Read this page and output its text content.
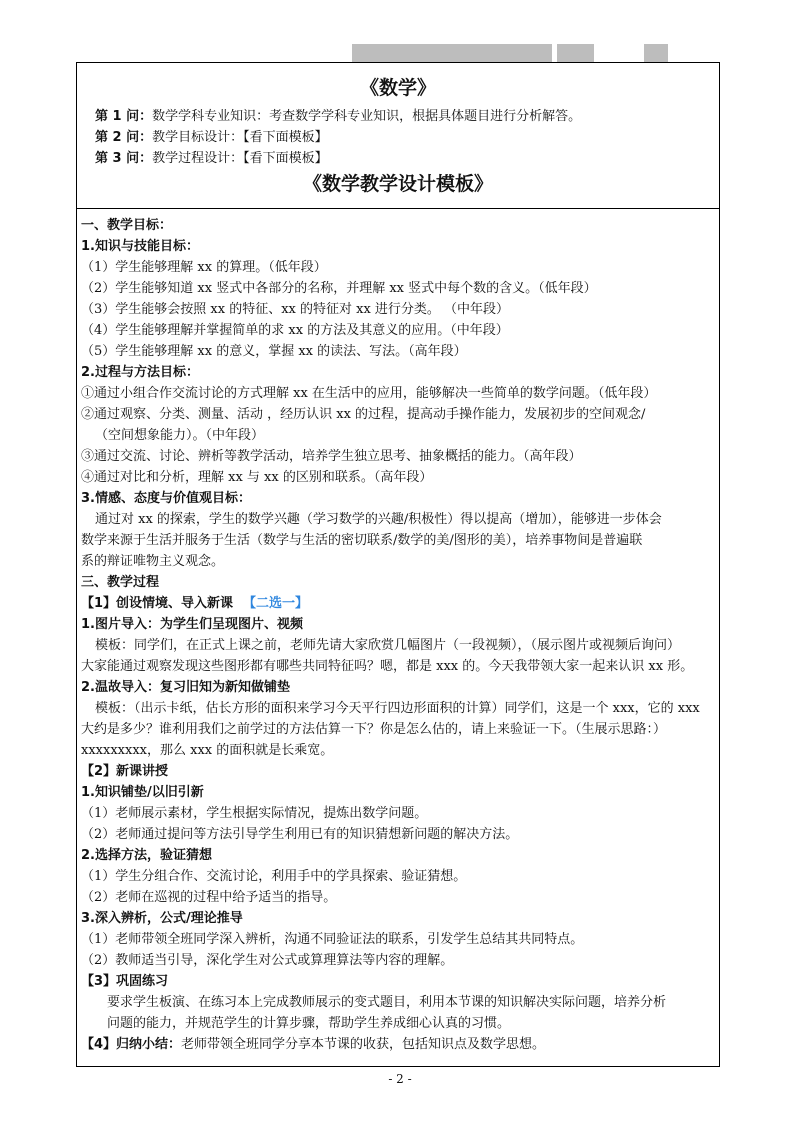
《数学》
第 1 问：数学学科专业知识：考查数学学科专业知识，根据具体题目进行分析解答。
第 2 问：教学目标设计：【看下面模板】
第 3 问：教学过程设计：【看下面模板】
《数学教学设计模板》
一、教学目标：
1.知识与技能目标：
（1）学生能够理解 xx 的算理。（低年段）
（2）学生能够知道 xx 竖式中各部分的名称，并理解 xx 竖式中每个数的含义。（低年段）
（3）学生能够会按照 xx 的特征、xx 的特征对 xx 进行分类。 （中年段）
（4）学生能够理解并掌握简单的求 xx 的方法及其意义的应用。（中年段）
（5）学生能够理解 xx 的意义，掌握 xx 的读法、写法。（高年段）
2.过程与方法目标：
①通过小组合作交流讨论的方式理解 xx 在生活中的应用，能够解决一些简单的数学问题。（低年段）
②通过观察、分类、测量、活动 ，经历认识 xx 的过程，提高动手操作能力，发展初步的空间观念/
（空间想象能力）。（中年段）
③通过交流、讨论、辨析等教学活动，培养学生独立思考、抽象概括的能力。（高年段）
④通过对比和分析，理解 xx 与 xx 的区别和联系。（高年段）
3.情感、态度与价值观目标：
通过对 xx 的探索，学生的数学兴趣（学习数学的兴趣/积极性）得以提高（增加），能够进一步体会
数学来源于生活并服务于生活（数学与生活的密切联系/数学的美/图形的美），培养事物间是普遍联
系的辩证唯物主义观念。
三、教学过程
【1】创设情境、导入新课 【二选一】
1.图片导入：为学生们呈现图片、视频
模板：同学们，在正式上课之前，老师先请大家欣赏几幅图片（一段视频），（展示图片或视频后询问）
大家能通过观察发现这些图形都有哪些共同特征吗？嗯，都是 xxx 的。今天我带领大家一起来认识 xx 形。
2.温故导入：复习旧知为新知做铺垫
模板：（出示卡纸，估长方形的面积来学习今天平行四边形面积的计算）同学们，这是一个 xxx，它的 xxx
大约是多少？谁利用我们之前学过的方法估算一下？你是怎么估的，请上来验证一下。（生展示思路：）
xxxxxxxxx，那么 xxx 的面积就是长乘宽。
【2】新课讲授
1.知识铺垫/以旧引新
（1）老师展示素材，学生根据实际情况，提炼出数学问题。
（2）老师通过提问等方法引导学生利用已有的知识猜想新问题的解决方法。
2.选择方法，验证猜想
（1）学生分组合作、交流讨论，利用手中的学具探索、验证猜想。
（2）老师在巡视的过程中给予适当的指导。
3.深入辨析，公式/理论推导
（1）老师带领全班同学深入辨析，沟通不同验证法的联系，引发学生总结其共同特点。
（2）教师适当引导，深化学生对公式或算理算法等内容的理解。
【3】巩固练习
要求学生板演、在练习本上完成教师展示的变式题目，利用本节课的知识解决实际问题，培养分析
问题的能力，并规范学生的计算步骤，帮助学生养成细心认真的习惯。
【4】归纳小结：老师带领全班同学分享本节课的收获，包括知识点及数学思想。
- 2 -
